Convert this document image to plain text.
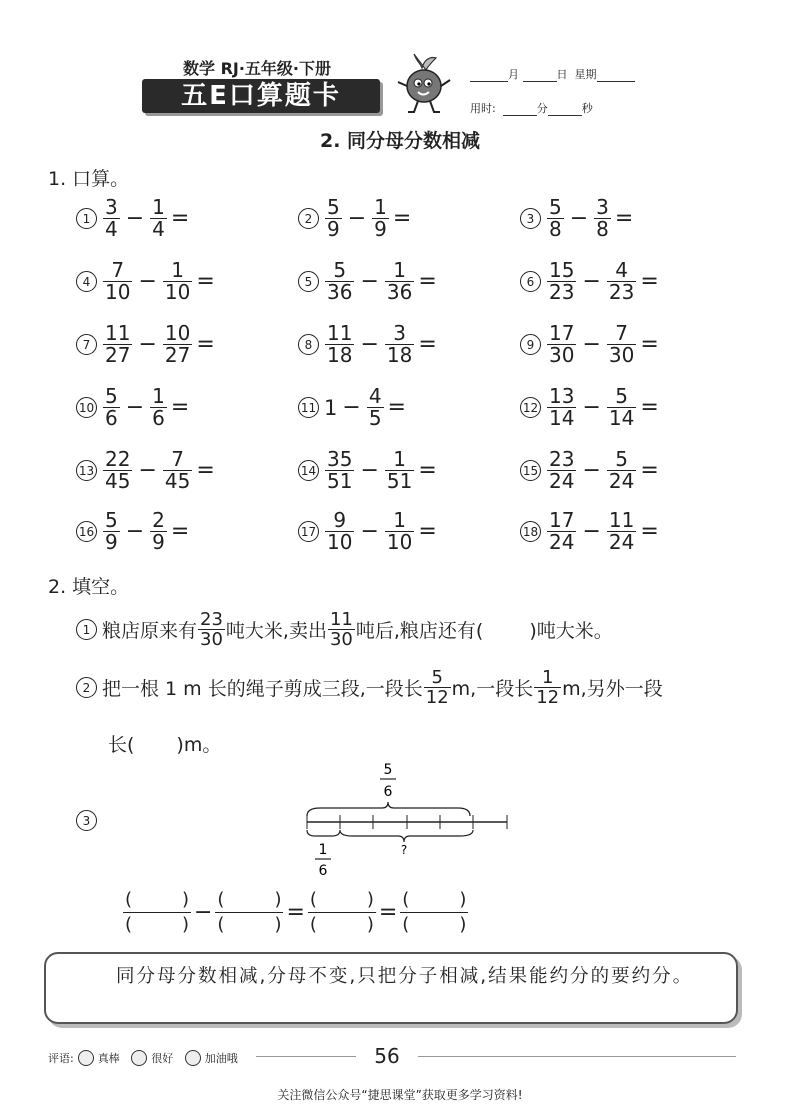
数学 RJ·五年级·下册
五E口算题卡
月	日 星期
用时:	分	秒
2. 同分母分数相减
1. 口算。
$1 \frac{3}{4} - \frac{1}{4}$ =	$2 \frac{5}{9} - \frac{1}{9}$ =	$3 \frac{5}{8} - \frac{3}{8}$ =
$4 \frac{7}{10} - \frac{1}{10}$ =	$5 \frac{5}{36} - \frac{1}{36}$ =	$6 \frac{15}{23} - \frac{4}{23}$ =
$7 \frac{11}{27} - \frac{10}{27}$ =	$8 \frac{11}{18} - \frac{3}{18}$ =	$9 \frac{17}{30} - \frac{7}{30}$ =
$10 \frac{5}{6} - \frac{1}{6}$ =	11 $1 - \frac{4}{5}$ =	$12 \frac{13}{14} - \frac{5}{14}$ =
$13 \frac{22}{45} - \frac{7}{45}$ =	$14 \frac{35}{51} - \frac{1}{51}$ =	$15 \frac{23}{24} - \frac{5}{24}$ =
$16 \frac{5}{9} - \frac{2}{9}$ =	$17 \frac{9}{10} - \frac{1}{10}$ =	$18 \frac{17}{24} - \frac{11}{24}$ =
2. 填空。
1 粮店原来有 $\frac{23}{30}$ 吨大米,卖出 $\frac{11}{30}$ 吨后,粮店还有( )吨大米。
2 把一根 1 m 长的绳子剪成三段,一段长 $\frac{5}{12} m$,一段长 $\frac{1}{12} m$,另外一段
长( )m。
3
5
6
?
1
6
(	)
(	) −
(	)
(	) =
(	)
(	) =
(	)
(	)
同分母分数相减,分母不变,只把分子相减,结果能约分的要约分。
评语: 真棒
	很好
	加油哦	56
关注微信公众号“捷思课堂”获取更多学习资料!
